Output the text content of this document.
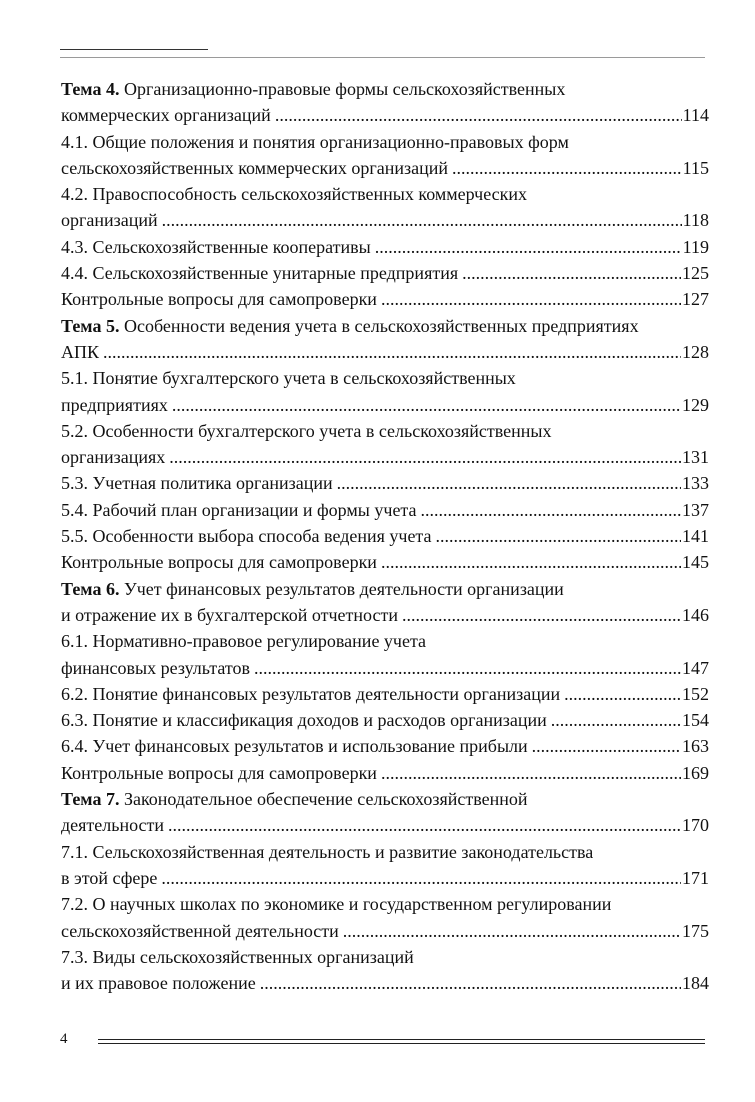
Тема 4. Организационно-правовые формы сельскохозяйственных
коммерческих организаций .....	114
4.1. Общие положения и понятия организационно-правовых форм
сельскохозяйственных коммерческих организаций .....	115
4.2. Правоспособность сельскохозяйственных коммерческих
организаций .....	118
4.3. Сельскохозяйственные кооперативы .....	119
4.4. Сельскохозяйственные унитарные предприятия .....	125
Контрольные вопросы для самопроверки .....	127
Тема 5. Особенности ведения учета в сельскохозяйственных предприятиях
АПК .....	128
5.1. Понятие бухгалтерского учета в сельскохозяйственных
предприятиях .....	129
5.2. Особенности бухгалтерского учета в сельскохозяйственных
организациях .....	131
5.3. Учетная политика организации .....	133
5.4. Рабочий план организации и формы учета .....	137
5.5. Особенности выбора способа ведения учета .....	141
Контрольные вопросы для самопроверки .....	145
Тема 6. Учет финансовых результатов деятельности организации
и отражение их в бухгалтерской отчетности .....	146
6.1. Нормативно-правовое регулирование учета
финансовых результатов .....	147
6.2. Понятие финансовых результатов деятельности организации .....	152
6.3. Понятие и классификация доходов и расходов организации .....	154
6.4. Учет финансовых результатов и использование прибыли .....	163
Контрольные вопросы для самопроверки .....	169
Тема 7. Законодательное обеспечение сельскохозяйственной
деятельности .....	170
7.1. Сельскохозяйственная деятельность и развитие законодательства
в этой сфере .....	171
7.2. О научных школах по экономике и государственном регулировании
сельскохозяйственной деятельности .....	175
7.3. Виды сельскохозяйственных организаций
и их правовое положение .....	184
4
